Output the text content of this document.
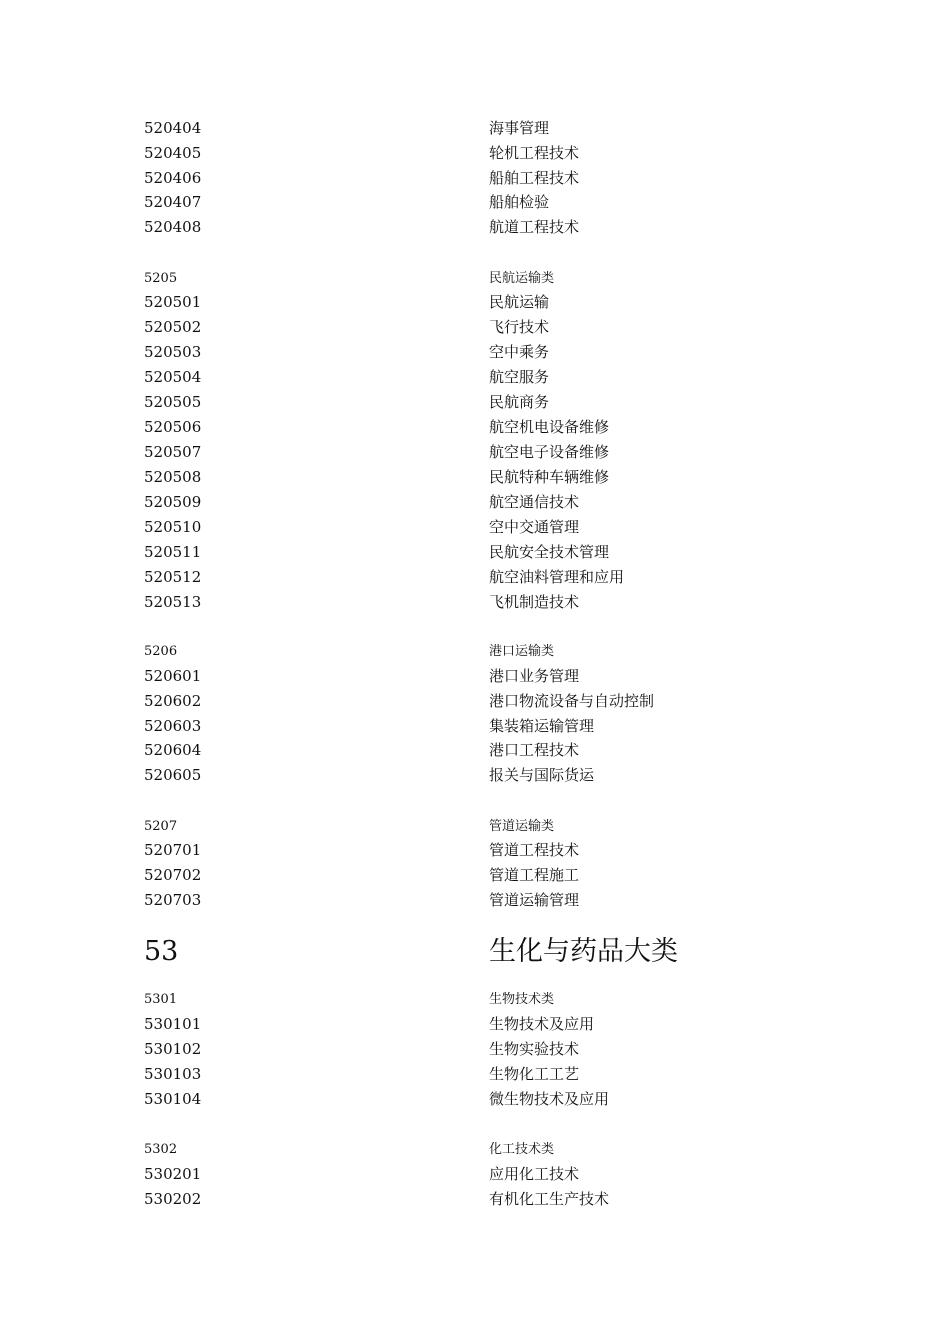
520404	海事管理
520405	轮机工程技术
520406	船舶工程技术
520407	船舶检验
520408	航道工程技术
5205	民航运输类
520501	民航运输
520502	飞行技术
520503	空中乘务
520504	航空服务
520505	民航商务
520506	航空机电设备维修
520507	航空电子设备维修
520508	民航特种车辆维修
520509	航空通信技术
520510	空中交通管理
520511	民航安全技术管理
520512	航空油料管理和应用
520513	飞机制造技术
5206	港口运输类
520601	港口业务管理
520602	港口物流设备与自动控制
520603	集装箱运输管理
520604	港口工程技术
520605	报关与国际货运
5207	管道运输类
520701	管道工程技术
520702	管道工程施工
520703	管道运输管理
53	生化与药品大类
5301	生物技术类
530101	生物技术及应用
530102	生物实验技术
530103	生物化工工艺
530104	微生物技术及应用
5302	化工技术类
530201	应用化工技术
530202	有机化工生产技术
